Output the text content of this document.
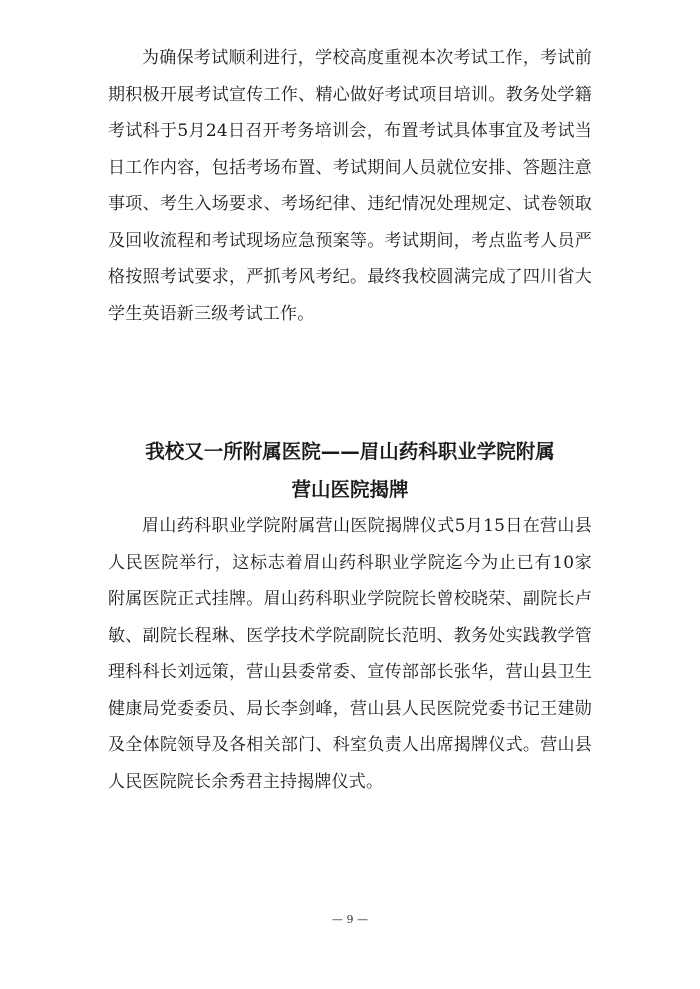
为确保考试顺利进行，学校高度重视本次考试工作，考试前期积极开展考试宣传工作、精心做好考试项目培训。教务处学籍考试科于5月24日召开考务培训会，布置考试具体事宜及考试当日工作内容，包括考场布置、考试期间人员就位安排、答题注意事项、考生入场要求、考场纪律、违纪情况处理规定、试卷领取及回收流程和考试现场应急预案等。考试期间，考点监考人员严格按照考试要求，严抓考风考纪。最终我校圆满完成了四川省大学生英语新三级考试工作。

我校又一所附属医院——眉山药科职业学院附属
营山医院揭牌

眉山药科职业学院附属营山医院揭牌仪式5月15日在营山县人民医院举行，这标志着眉山药科职业学院迄今为止已有10家附属医院正式挂牌。眉山药科职业学院院长曾校晓荣、副院长卢敏、副院长程琳、医学技术学院副院长范明、教务处实践教学管理科科长刘远策，营山县委常委、宣传部部长张华，营山县卫生健康局党委委员、局长李剑峰，营山县人民医院党委书记王建勋及全体院领导及各相关部门、科室负责人出席揭牌仪式。营山县人民医院院长余秀君主持揭牌仪式。

— 9 —
